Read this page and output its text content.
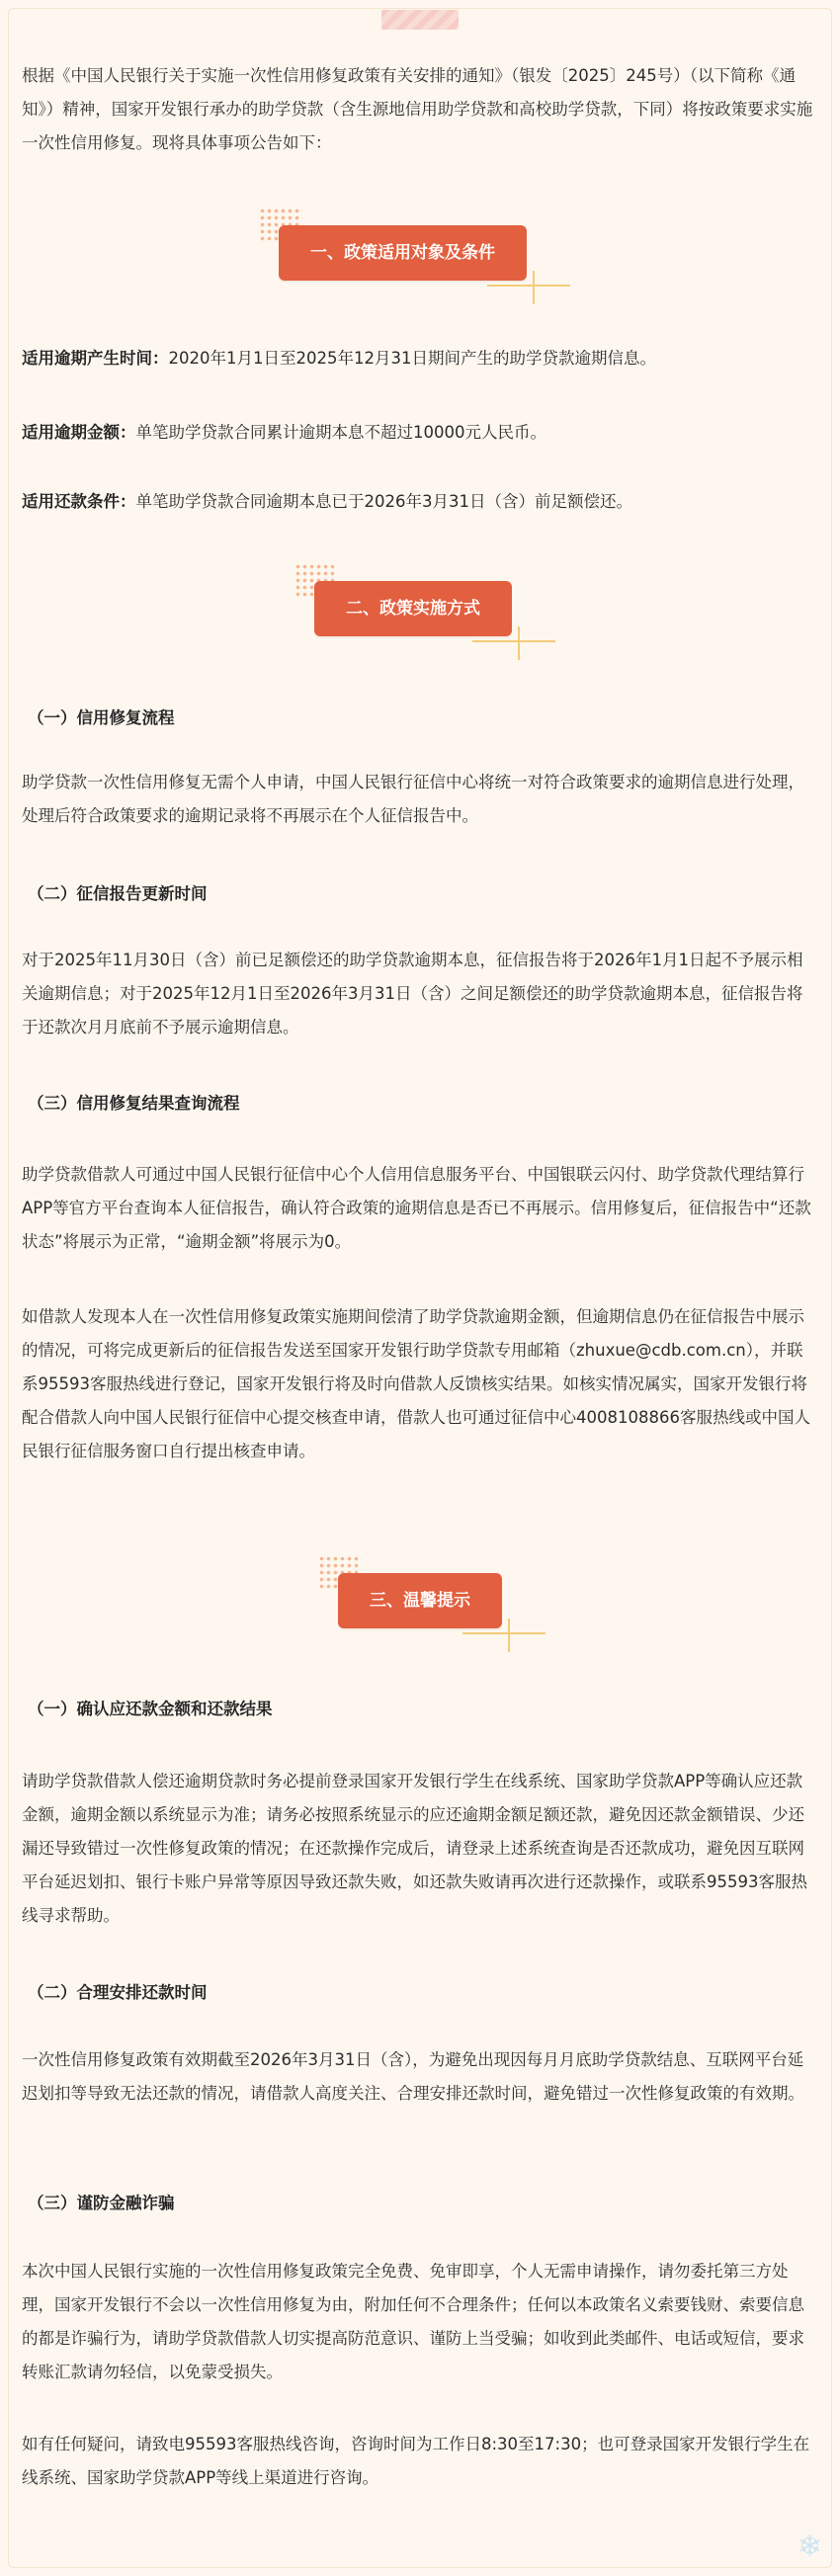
根据《中国人民银行关于实施一次性信用修复政策有关安排的通知》（银发〔2025〕245号）（以下简称《通知》）精神，国家开发银行承办的助学贷款（含生源地信用助学贷款和高校助学贷款，下同）将按政策要求实施一次性信用修复。现将具体事项公告如下：

一、政策适用对象及条件

适用逾期产生时间：2020年1月1日至2025年12月31日期间产生的助学贷款逾期信息。

适用逾期金额：单笔助学贷款合同累计逾期本息不超过10000元人民币。

适用还款条件：单笔助学贷款合同逾期本息已于2026年3月31日（含）前足额偿还。

二、政策实施方式
（一）信用修复流程

助学贷款一次性信用修复无需个人申请，中国人民银行征信中心将统一对符合政策要求的逾期信息进行处理，处理后符合政策要求的逾期记录将不再展示在个人征信报告中。

（二）征信报告更新时间

对于2025年11月30日（含）前已足额偿还的助学贷款逾期本息，征信报告将于2026年1月1日起不予展示相关逾期信息；对于2025年12月1日至2026年3月31日（含）之间足额偿还的助学贷款逾期本息，征信报告将于还款次月月底前不予展示逾期信息。

（三）信用修复结果查询流程

助学贷款借款人可通过中国人民银行征信中心个人信用信息服务平台、中国银联云闪付、助学贷款代理结算行APP等官方平台查询本人征信报告，确认符合政策的逾期信息是否已不再展示。信用修复后，征信报告中“还款状态”将展示为正常，“逾期金额”将展示为0。

如借款人发现本人在一次性信用修复政策实施期间偿清了助学贷款逾期金额，但逾期信息仍在征信报告中展示的情况，可将完成更新后的征信报告发送至国家开发银行助学贷款专用邮箱（zhuxue@cdb.com.cn），并联系95593客服热线进行登记，国家开发银行将及时向借款人反馈核实结果。如核实情况属实，国家开发银行将配合借款人向中国人民银行征信中心提交核查申请，借款人也可通过征信中心4008108866客服热线或中国人民银行征信服务窗口自行提出核查申请。

三、温馨提示
（一）确认应还款金额和还款结果

请助学贷款借款人偿还逾期贷款时务必提前登录国家开发银行学生在线系统、国家助学贷款APP等确认应还款金额，逾期金额以系统显示为准；请务必按照系统显示的应还逾期金额足额还款，避免因还款金额错误、少还漏还导致错过一次性修复政策的情况；在还款操作完成后，请登录上述系统查询是否还款成功，避免因互联网平台延迟划扣、银行卡账户异常等原因导致还款失败，如还款失败请再次进行还款操作，或联系95593客服热线寻求帮助。

（二）合理安排还款时间

一次性信用修复政策有效期截至2026年3月31日（含），为避免出现因每月月底助学贷款结息、互联网平台延迟划扣等导致无法还款的情况，请借款人高度关注、合理安排还款时间，避免错过一次性修复政策的有效期。

（三）谨防金融诈骗

本次中国人民银行实施的一次性信用修复政策完全免费、免审即享，个人无需申请操作，请勿委托第三方处理，国家开发银行不会以一次性信用修复为由，附加任何不合理条件；任何以本政策名义索要钱财、索要信息的都是诈骗行为，请助学贷款借款人切实提高防范意识、谨防上当受骗；如收到此类邮件、电话或短信，要求转账汇款请勿轻信，以免蒙受损失。

如有任何疑问，请致电95593客服热线咨询，咨询时间为工作日8:30至17:30；也可登录国家开发银行学生在线系统、国家助学贷款APP等线上渠道进行咨询。

❄
